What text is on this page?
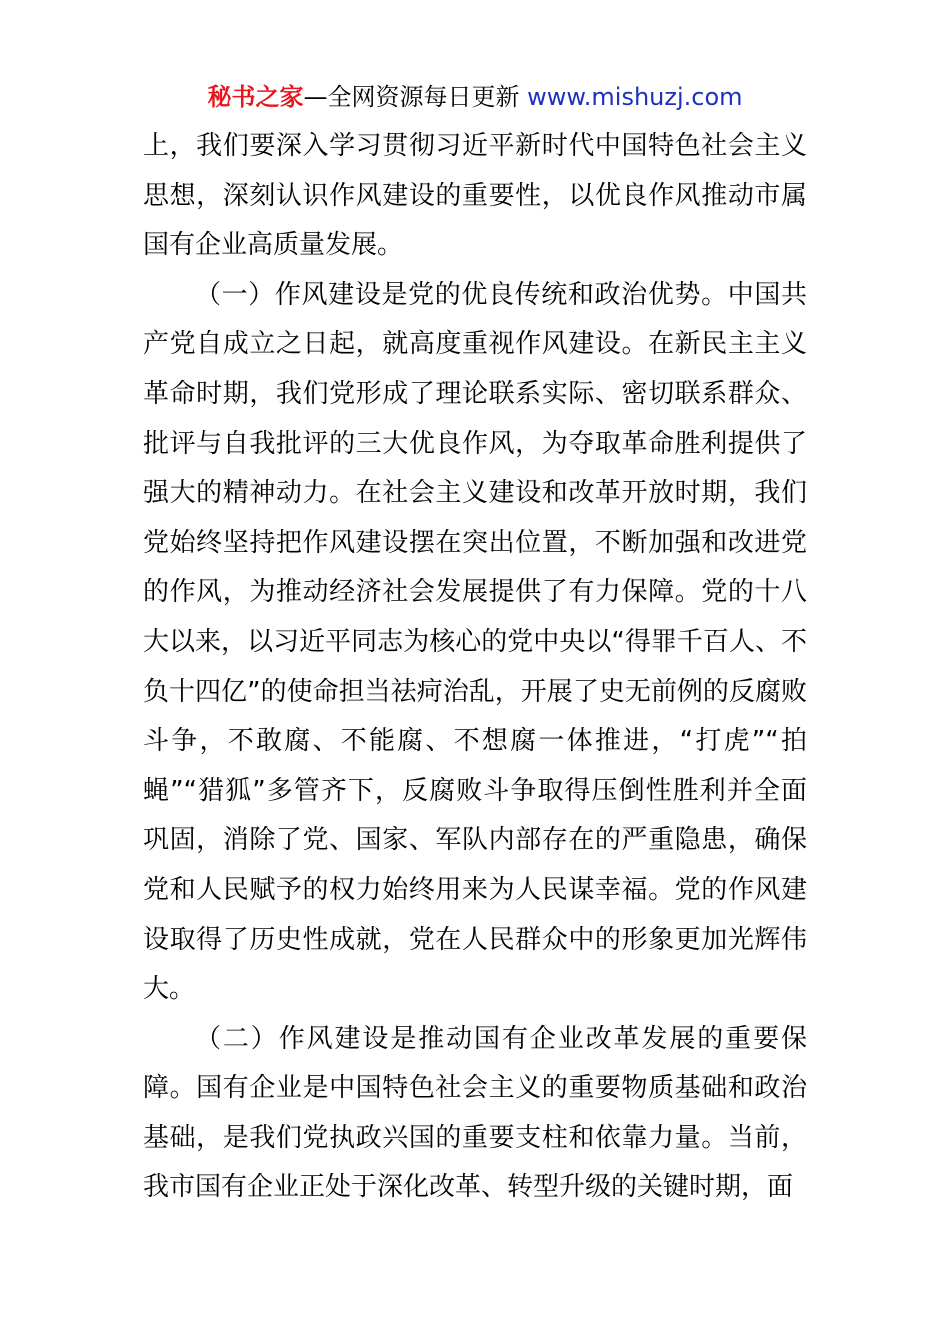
秘书之家—全网资源每日更新 www.mishuzj.com

上，我们要深入学习贯彻习近平新时代中国特色社会主义思想，深刻认识作风建设的重要性，以优良作风推动市属国有企业高质量发展。

（一）作风建设是党的优良传统和政治优势。中国共产党自成立之日起，就高度重视作风建设。在新民主主义革命时期，我们党形成了理论联系实际、密切联系群众、批评与自我批评的三大优良作风，为夺取革命胜利提供了强大的精神动力。在社会主义建设和改革开放时期，我们党始终坚持把作风建设摆在突出位置，不断加强和改进党的作风，为推动经济社会发展提供了有力保障。党的十八大以来，以习近平同志为核心的党中央以“得罪千百人、不负十四亿”的使命担当祛疴治乱，开展了史无前例的反腐败斗争，不敢腐、不能腐、不想腐一体推进，“打虎”“拍蝇”“猎狐”多管齐下，反腐败斗争取得压倒性胜利并全面巩固，消除了党、国家、军队内部存在的严重隐患，确保党和人民赋予的权力始终用来为人民谋幸福。党的作风建设取得了历史性成就，党在人民群众中的形象更加光辉伟大。

（二）作风建设是推动国有企业改革发展的重要保障。国有企业是中国特色社会主义的重要物质基础和政治基础，是我们党执政兴国的重要支柱和依靠力量。当前，我市国有企业正处于深化改革、转型升级的关键时期，面
